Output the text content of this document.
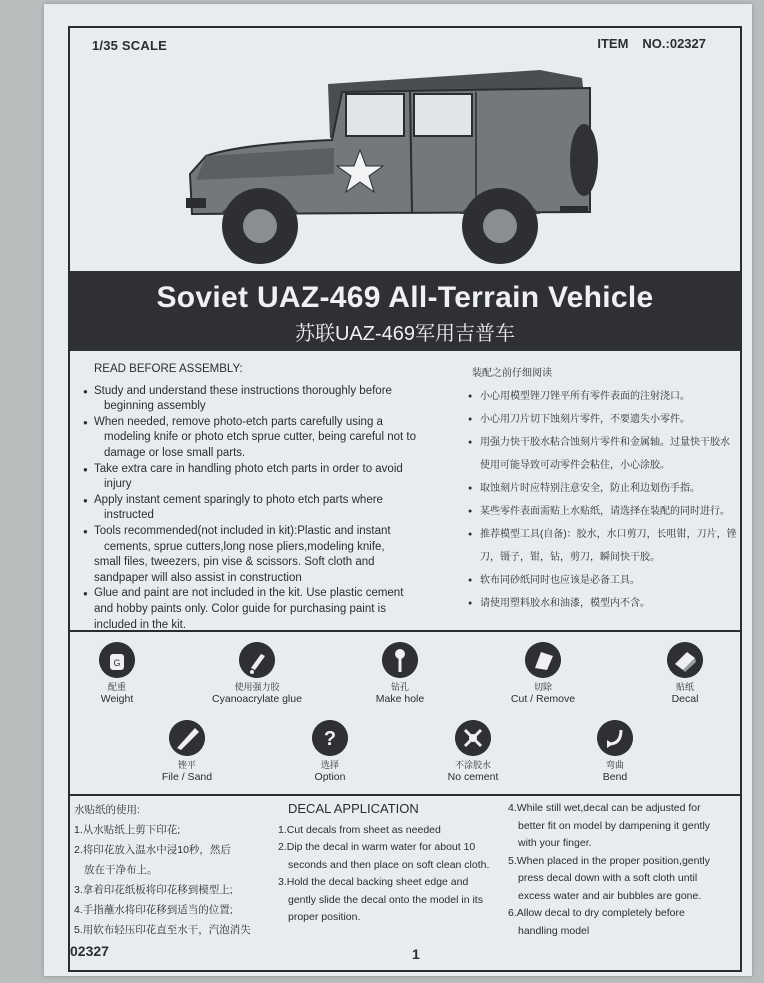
1/35 SCALE	ITEM NO.:02327
Soviet UAZ-469 All-Terrain Vehicle
苏联UAZ-469军用吉普车
READ BEFORE ASSEMBLY:
● Study and understand these instructions thoroughly before
beginning assembly
● When needed, remove photo-etch parts carefully using a
modeling knife or photo etch sprue cutter, being careful not to damage or lose small parts.
● Take extra care in handling photo etch parts in order to avoid
injury
● Apply instant cement sparingly to photo etch parts where
instructed
● Tools recommended(not included in kit):Plastic and instant
cements, sprue cutters,long nose pliers,modeling knife,
small files, tweezers, pin vise & scissors. Soft cloth and sandpaper will also assist in construction
● Glue and paint are not included in the kit. Use plastic cement
and hobby paints only. Color guide for purchasing paint is
included in the kit.
装配之前仔细阅读
● 小心用模型锉刀锉平所有零件表面的注射浇口。
● 小心用刀片切下蚀刻片零件，不要遗失小零件。
● 用强力快干胶水粘合蚀刻片零件和金属轴。过量快干胶水使用可能导致可动零件会粘住，小心涂胶。
● 取蚀刻片时应特别注意安全，防止利边划伤手指。
● 某些零件表面需贴上水贴纸，请选择在装配的同时进行。
● 推荐模型工具(自备)：胶水，水口剪刀，长咀钳，刀片，锉刀，镊子，钳，钻，剪刀，瞬间快干胶。
● 软布同砂纸同时也应该是必备工具。
● 请使用塑料胶水和油漆，模型内不含。
G
配重
Weight
使用强力胶
Cyanoacrylate glue
钻孔
Make hole
切除
Cut / Remove
贴纸
Decal
锉平
File / Sand
?
选择
Option
不涂胶水
No cement
弯曲
Bend
水贴纸的使用:
1.从水贴纸上剪下印花;
2.将印花放入温水中浸10秒，然后
放在干净布上。
3.拿着印花纸板将印花移到模型上;
4.手指蘸水将印花移到适当的位置;
5.用软布轻压印花直至水干，汽泡消失
DECAL APPLICATION
1.Cut decals from sheet as needed
2.Dip the decal in warm water for about 10
seconds and then place on soft clean cloth.
3.Hold the decal backing sheet edge and
gently slide the decal onto the model in its
proper position.
4.While still wet,decal can be adjusted for
better fit on model by dampening it gently
with your finger.
5.When placed in the proper position,gently
press decal down with a soft cloth until
excess water and air bubbles are gone.
6.Allow decal to dry completely before
handling model
02327	1
